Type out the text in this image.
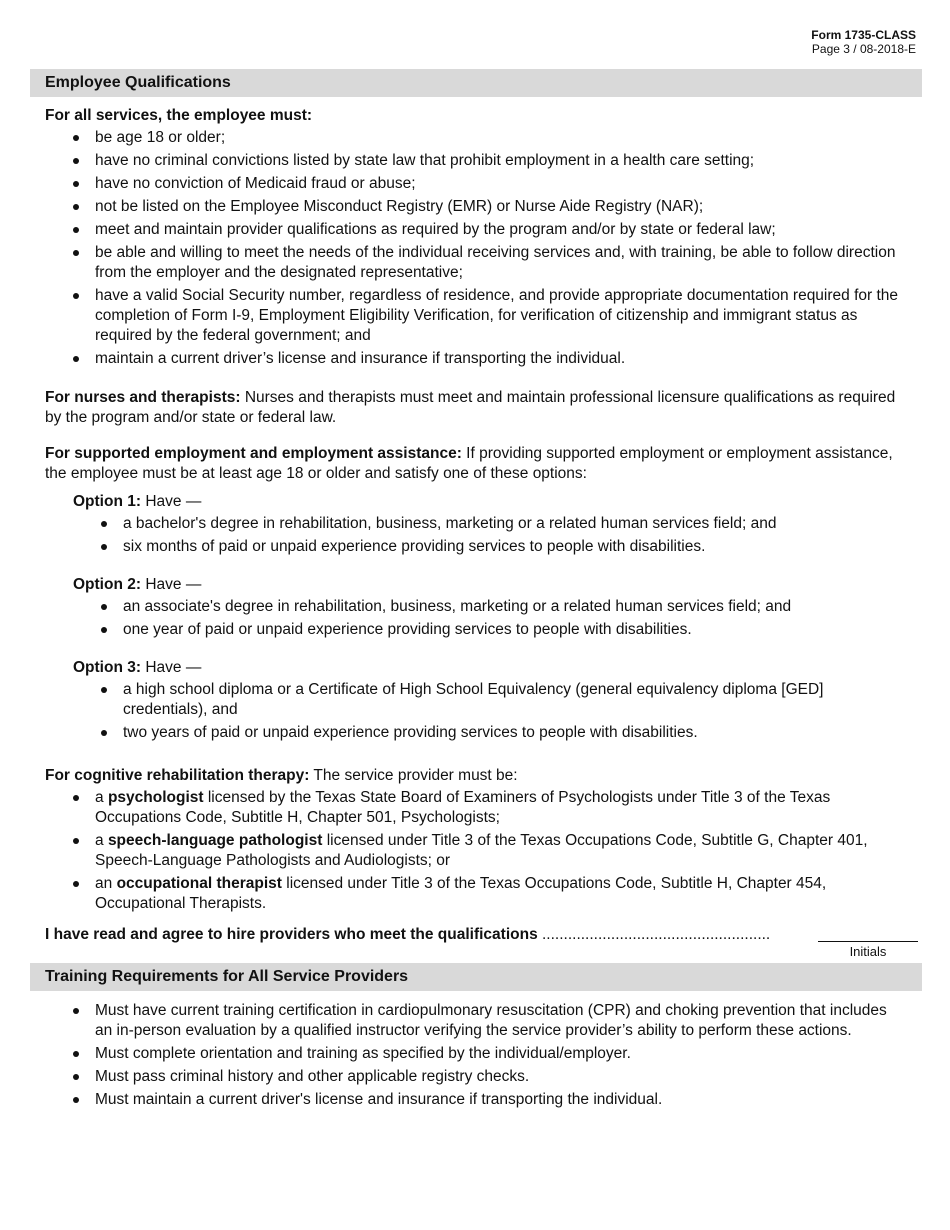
Form 1735-CLASS
Page 3 / 08-2018-E
Employee Qualifications

For all services, the employee must:

be age 18 or older;
have no criminal convictions listed by state law that prohibit employment in a health care setting;
have no conviction of Medicaid fraud or abuse;
not be listed on the Employee Misconduct Registry (EMR) or Nurse Aide Registry (NAR);
meet and maintain provider qualifications as required by the program and/or by state or federal law;
be able and willing to meet the needs of the individual receiving services and, with training, be able to follow direction from the employer and the designated representative;
have a valid Social Security number, regardless of residence, and provide appropriate documentation required for the completion of Form I-9, Employment Eligibility Verification, for verification of citizenship and immigrant status as required by the federal government; and
maintain a current driver’s license and insurance if transporting the individual.

For nurses and therapists: Nurses and therapists must meet and maintain professional licensure qualifications as required by the program and/or state or federal law.

For supported employment and employment assistance: If providing supported employment or employment assistance, the employee must be at least age 18 or older and satisfy one of these options:

Option 1: Have —

a bachelor's degree in rehabilitation, business, marketing or a related human services field; and
six months of paid or unpaid experience providing services to people with disabilities.

Option 2: Have —

an associate's degree in rehabilitation, business, marketing or a related human services field; and
one year of paid or unpaid experience providing services to people with disabilities.

Option 3: Have —

a high school diploma or a Certificate of High School Equivalency (general equivalency diploma [GED] credentials), and
two years of paid or unpaid experience providing services to people with disabilities.

For cognitive rehabilitation therapy: The service provider must be:

a psychologist licensed by the Texas State Board of Examiners of Psychologists under Title 3 of the Texas Occupations Code, Subtitle H, Chapter 501, Psychologists;
a speech-language pathologist licensed under Title 3 of the Texas Occupations Code, Subtitle G, Chapter 401, Speech-Language Pathologists and Audiologists; or
an occupational therapist licensed under Title 3 of the Texas Occupations Code, Subtitle H, Chapter 454, Occupational Therapists.
I have read and agree to hire providers who meet the qualifications .....................................................
Initials
Training Requirements for All Service Providers
Must have current training certification in cardiopulmonary resuscitation (CPR) and choking prevention that includes an in-person evaluation by a qualified instructor verifying the service provider’s ability to perform these actions.
Must complete orientation and training as specified by the individual/employer.
Must pass criminal history and other applicable registry checks.
Must maintain a current driver's license and insurance if transporting the individual.
